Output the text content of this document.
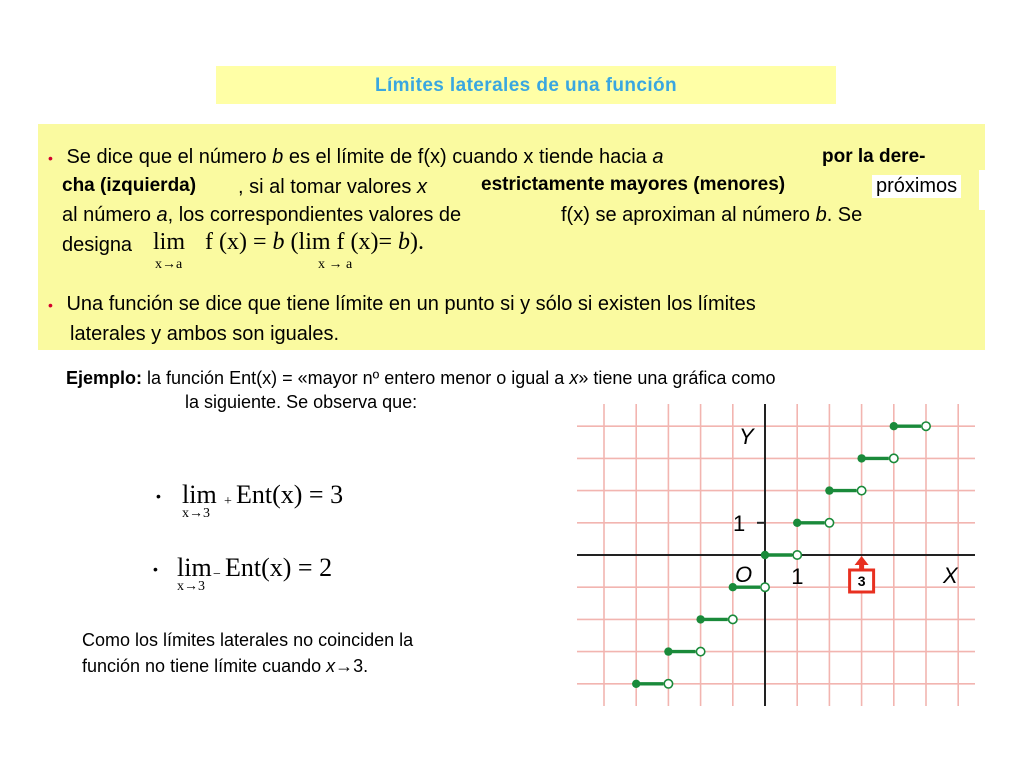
Límites laterales de una función
• Se dice que el número b es el límite de f(x) cuando x tiende hacia a	por la dere-
cha (izquierda) , si al tomar valores x	estrictamente mayores (menores)	próximos
al número a, los correspondientes valores de	f(x) se aproximan al número b. Se
designa lim f (x) = b (lim f (x)= b).
x→a	x → a
• Una función se dice que tiene límite en un punto si y sólo si existen los límites
laterales y ambos son iguales.
Ejemplo: la función Ent(x) = «mayor nº entero menor o igual a x» tiene una gráfica como
la siguiente. Se observa que:
• lim + Ent(x) = 3
x→3
• lim − Ent(x) = 2
x→3
Como los límites laterales no coinciden la
función no tiene límite cuando x→3.
Y
X
O 1
1
3
